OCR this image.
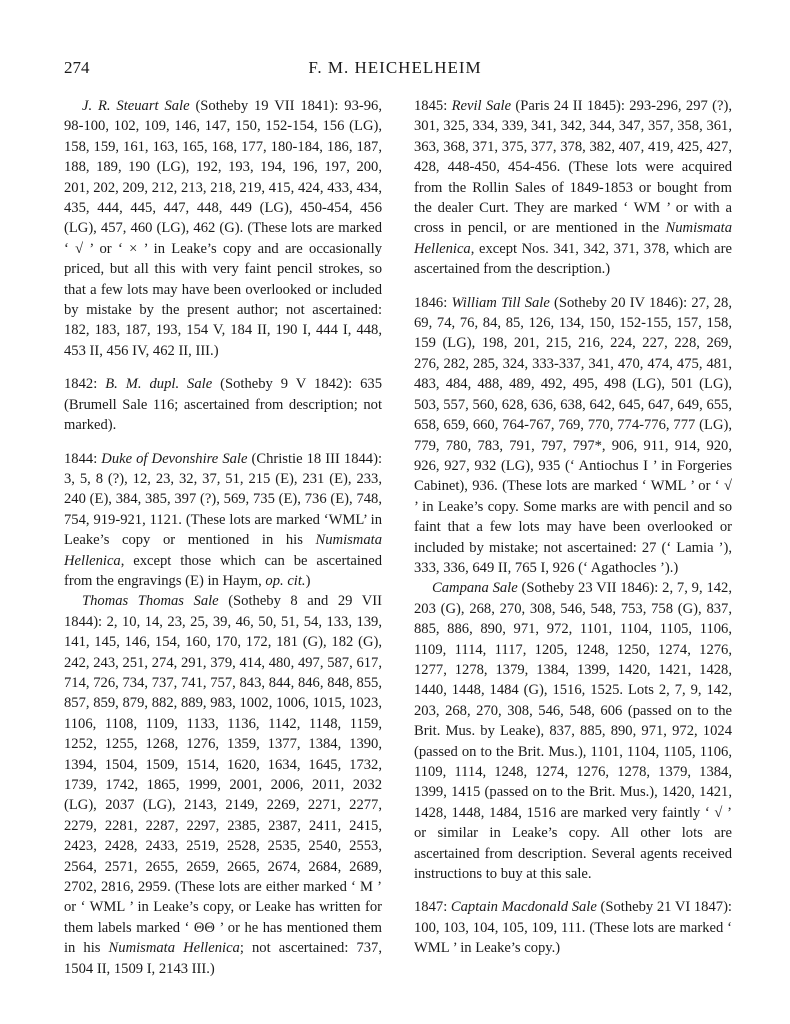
274	F. M. HEICHELHEIM

J. R. Steuart Sale (Sotheby 19 VII 1841): 93-96, 98-100, 102, 109, 146, 147, 150, 152-154, 156 (LG), 158, 159, 161, 163, 165, 168, 177, 180-184, 186, 187, 188, 189, 190 (LG), 192, 193, 194, 196, 197, 200, 201, 202, 209, 212, 213, 218, 219, 415, 424, 433, 434, 435, 444, 445, 447, 448, 449 (LG), 450-454, 456 (LG), 457, 460 (LG), 462 (G). (These lots are marked ‘ √ ’ or ‘ × ’ in Leake’s copy and are occasionally priced, but all this with very faint pencil strokes, so that a few lots may have been overlooked or included by mistake by the present author; not ascertained: 182, 183, 187, 193, 154 V, 184 II, 190 I, 444 I, 448, 453 II, 456 IV, 462 II, III.)

1842: B. M. dupl. Sale (Sotheby 9 V 1842): 635 (Brumell Sale 116; ascertained from description; not marked).

1844: Duke of Devonshire Sale (Christie 18 III 1844): 3, 5, 8 (?), 12, 23, 32, 37, 51, 215 (E), 231 (E), 233, 240 (E), 384, 385, 397 (?), 569, 735 (E), 736 (E), 748, 754, 919-921, 1121. (These lots are marked ‘WML’ in Leake’s copy or mentioned in his Numismata Hellenica, except those which can be ascertained from the engravings (E) in Haym, op. cit.)

Thomas Thomas Sale (Sotheby 8 and 29 VII 1844): 2, 10, 14, 23, 25, 39, 46, 50, 51, 54, 133, 139, 141, 145, 146, 154, 160, 170, 172, 181 (G), 182 (G), 242, 243, 251, 274, 291, 379, 414, 480, 497, 587, 617, 714, 726, 734, 737, 741, 757, 843, 844, 846, 848, 855, 857, 859, 879, 882, 889, 983, 1002, 1006, 1015, 1023, 1106, 1108, 1109, 1133, 1136, 1142, 1148, 1159, 1252, 1255, 1268, 1276, 1359, 1377, 1384, 1390, 1394, 1504, 1509, 1514, 1620, 1634, 1645, 1732, 1739, 1742, 1865, 1999, 2001, 2006, 2011, 2032 (LG), 2037 (LG), 2143, 2149, 2269, 2271, 2277, 2279, 2281, 2287, 2297, 2385, 2387, 2411, 2415, 2423, 2428, 2433, 2519, 2528, 2535, 2540, 2553, 2564, 2571, 2655, 2659, 2665, 2674, 2684, 2689, 2702, 2816, 2959. (These lots are either marked ‘ M ’ or ‘ WML ’ in Leake’s copy, or Leake has written for them labels marked ‘ ΘΘ ’ or he has mentioned them in his Numismata Hellenica; not ascertained: 737, 1504 II, 1509 I, 2143 III.)

1845: Revil Sale (Paris 24 II 1845): 293-296, 297 (?), 301, 325, 334, 339, 341, 342, 344, 347, 357, 358, 361, 363, 368, 371, 375, 377, 378, 382, 407, 419, 425, 427, 428, 448-450, 454-456. (These lots were acquired from the Rollin Sales of 1849-1853 or bought from the dealer Curt. They are marked ‘ WM ’ or with a cross in pencil, or are mentioned in the Numismata Hellenica, except Nos. 341, 342, 371, 378, which are ascertained from the description.)

1846: William Till Sale (Sotheby 20 IV 1846): 27, 28, 69, 74, 76, 84, 85, 126, 134, 150, 152-155, 157, 158, 159 (LG), 198, 201, 215, 216, 224, 227, 228, 269, 276, 282, 285, 324, 333-337, 341, 470, 474, 475, 481, 483, 484, 488, 489, 492, 495, 498 (LG), 501 (LG), 503, 557, 560, 628, 636, 638, 642, 645, 647, 649, 655, 658, 659, 660, 764-767, 769, 770, 774-776, 777 (LG), 779, 780, 783, 791, 797, 797*, 906, 911, 914, 920, 926, 927, 932 (LG), 935 (‘ Antiochus I ’ in Forgeries Cabinet), 936. (These lots are marked ‘ WML ’ or ‘ √ ’ in Leake’s copy. Some marks are with pencil and so faint that a few lots may have been overlooked or included by mistake; not ascertained: 27 (‘ Lamia ’), 333, 336, 649 II, 765 I, 926 (‘ Agathocles ’).)

Campana Sale (Sotheby 23 VII 1846): 2, 7, 9, 142, 203 (G), 268, 270, 308, 546, 548, 753, 758 (G), 837, 885, 886, 890, 971, 972, 1101, 1104, 1105, 1106, 1109, 1114, 1117, 1205, 1248, 1250, 1274, 1276, 1277, 1278, 1379, 1384, 1399, 1420, 1421, 1428, 1440, 1448, 1484 (G), 1516, 1525. Lots 2, 7, 9, 142, 203, 268, 270, 308, 546, 548, 606 (passed on to the Brit. Mus. by Leake), 837, 885, 890, 971, 972, 1024 (passed on to the Brit. Mus.), 1101, 1104, 1105, 1106, 1109, 1114, 1248, 1274, 1276, 1278, 1379, 1384, 1399, 1415 (passed on to the Brit. Mus.), 1420, 1421, 1428, 1448, 1484, 1516 are marked very faintly ‘ √ ’ or similar in Leake’s copy. All other lots are ascertained from description. Several agents received instructions to buy at this sale.

1847: Captain Macdonald Sale (Sotheby 21 VI 1847): 100, 103, 104, 105, 109, 111. (These lots are marked ‘ WML ’ in Leake’s copy.)
